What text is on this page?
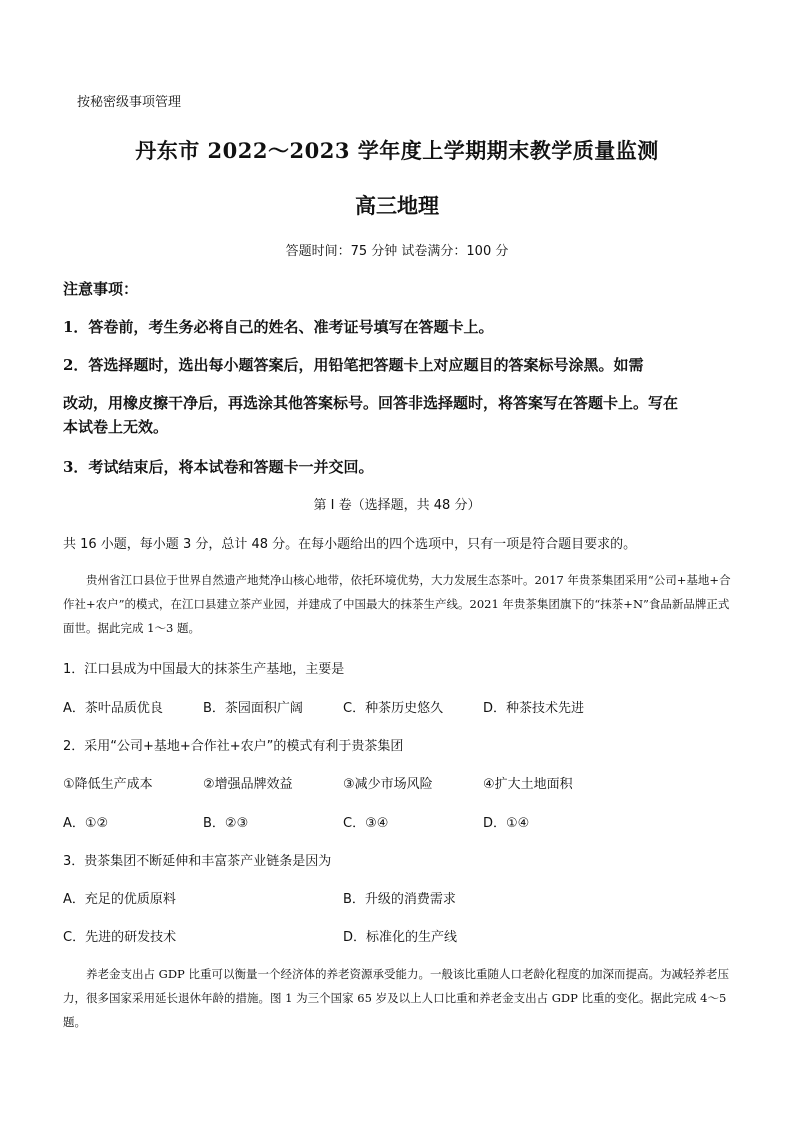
按秘密级事项管理
丹东市 2022～2023 学年度上学期期末教学质量监测
高三地理
答题时间：75 分钟 试卷满分：100 分
注意事项：
1．答卷前，考生务必将自己的姓名、准考证号填写在答题卡上。
2．答选择题时，选出每小题答案后，用铅笔把答题卡上对应题目的答案标号涂黑。如需
改动，用橡皮擦干净后，再选涂其他答案标号。回答非选择题时，将答案写在答题卡上。写在
本试卷上无效。
3．考试结束后，将本试卷和答题卡一并交回。
第 I 卷（选择题，共 48 分）
共 16 小题，每小题 3 分，总计 48 分。在每小题给出的四个选项中，只有一项是符合题目要求的。
贵州省江口县位于世界自然遗产地梵净山核心地带，依托环境优势，大力发展生态茶叶。2017 年贵茶集团采用“公司+基地+合作社+农户”的模式，在江口县建立茶产业园，并建成了中国最大的抹茶生产线。2021 年贵茶集团旗下的“抹茶+N”食品新品牌正式面世。据此完成 1～3 题。
1．江口县成为中国最大的抹茶生产基地，主要是
A．茶叶品质优良	B．茶园面积广阔	C．种茶历史悠久	D．种茶技术先进
2．采用“公司+基地+合作社+农户”的模式有利于贵茶集团
①降低生产成本	②增强品牌效益	③减少市场风险	④扩大土地面积
A．①②	B．②③	C．③④	D．①④
3．贵茶集团不断延伸和丰富茶产业链条是因为
A．充足的优质原料	B．升级的消费需求
C．先进的研发技术	D．标准化的生产线
养老金支出占 GDP 比重可以衡量一个经济体的养老资源承受能力。一般该比重随人口老龄化程度的加深而提高。为减轻养老压力，很多国家采用延长退休年龄的措施。图 1 为三个国家 65 岁及以上人口比重和养老金支出占 GDP 比重的变化。据此完成 4～5 题。
